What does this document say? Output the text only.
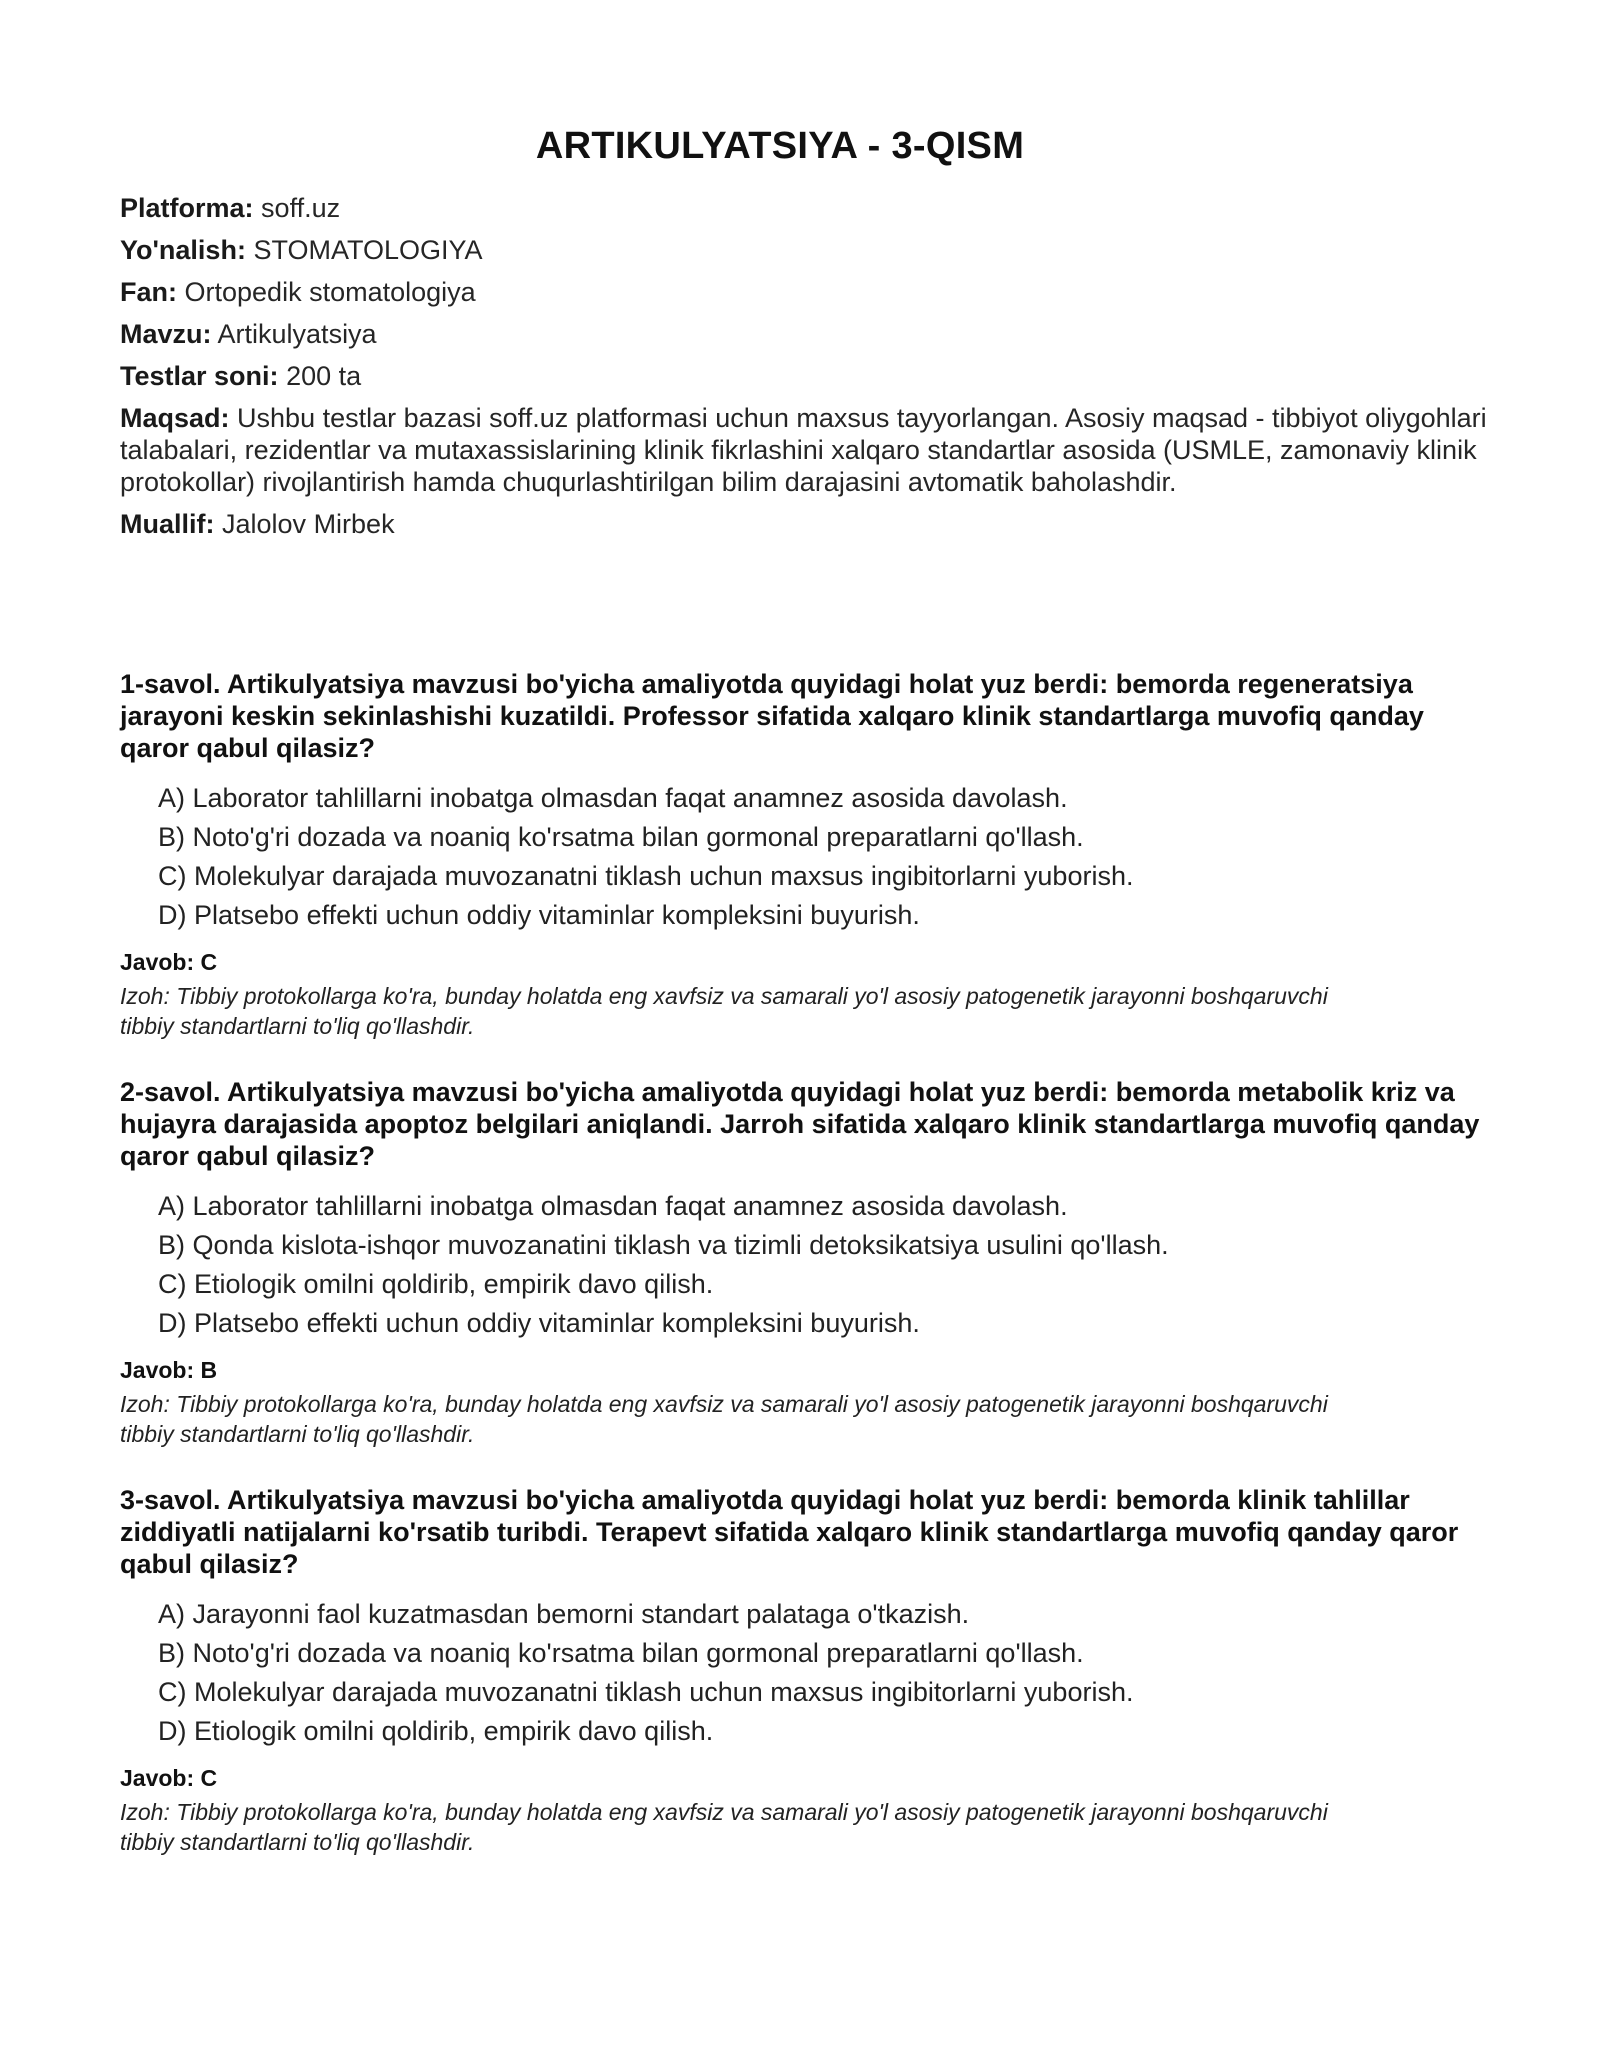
ARTIKULYATSIYA - 3-QISM
Platforma: soff.uz
Yo'nalish: STOMATOLOGIYA
Fan: Ortopedik stomatologiya
Mavzu: Artikulyatsiya
Testlar soni: 200 ta
Maqsad: Ushbu testlar bazasi soff.uz platformasi uchun maxsus tayyorlangan. Asosiy maqsad - tibbiyot oliygohlari talabalari, rezidentlar va mutaxassislarining klinik fikrlashini xalqaro standartlar asosida (USMLE, zamonaviy klinik protokollar) rivojlantirish hamda chuqurlashtirilgan bilim darajasini avtomatik baholashdir.
Muallif: Jalolov Mirbek
1-savol. Artikulyatsiya mavzusi bo'yicha amaliyotda quyidagi holat yuz berdi: bemorda regeneratsiya jarayoni keskin sekinlashishi kuzatildi. Professor sifatida xalqaro klinik standartlarga muvofiq qanday qaror qabul qilasiz?
A) Laborator tahlillarni inobatga olmasdan faqat anamnez asosida davolash.
B) Noto'g'ri dozada va noaniq ko'rsatma bilan gormonal preparatlarni qo'llash.
C) Molekulyar darajada muvozanatni tiklash uchun maxsus ingibitorlarni yuborish.
D) Platsebo effekti uchun oddiy vitaminlar kompleksini buyurish.
Javob: C
Izoh: Tibbiy protokollarga ko'ra, bunday holatda eng xavfsiz va samarali yo'l asosiy patogenetik jarayonni boshqaruvchi tibbiy standartlarni to'liq qo'llashdir.
2-savol. Artikulyatsiya mavzusi bo'yicha amaliyotda quyidagi holat yuz berdi: bemorda metabolik kriz va hujayra darajasida apoptoz belgilari aniqlandi. Jarroh sifatida xalqaro klinik standartlarga muvofiq qanday qaror qabul qilasiz?
A) Laborator tahlillarni inobatga olmasdan faqat anamnez asosida davolash.
B) Qonda kislota-ishqor muvozanatini tiklash va tizimli detoksikatsiya usulini qo'llash.
C) Etiologik omilni qoldirib, empirik davo qilish.
D) Platsebo effekti uchun oddiy vitaminlar kompleksini buyurish.
Javob: B
Izoh: Tibbiy protokollarga ko'ra, bunday holatda eng xavfsiz va samarali yo'l asosiy patogenetik jarayonni boshqaruvchi tibbiy standartlarni to'liq qo'llashdir.
3-savol. Artikulyatsiya mavzusi bo'yicha amaliyotda quyidagi holat yuz berdi: bemorda klinik tahlillar ziddiyatli natijalarni ko'rsatib turibdi. Terapevt sifatida xalqaro klinik standartlarga muvofiq qanday qaror qabul qilasiz?
A) Jarayonni faol kuzatmasdan bemorni standart palataga o'tkazish.
B) Noto'g'ri dozada va noaniq ko'rsatma bilan gormonal preparatlarni qo'llash.
C) Molekulyar darajada muvozanatni tiklash uchun maxsus ingibitorlarni yuborish.
D) Etiologik omilni qoldirib, empirik davo qilish.
Javob: C
Izoh: Tibbiy protokollarga ko'ra, bunday holatda eng xavfsiz va samarali yo'l asosiy patogenetik jarayonni boshqaruvchi tibbiy standartlarni to'liq qo'llashdir.
